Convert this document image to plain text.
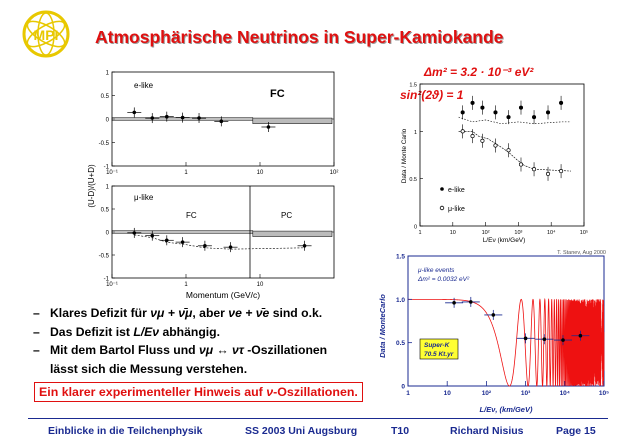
MPI Atmosphärische Neutrinos in Super-Kamiokande
e-like
FC
1
0.5
0
-0.5
-1
10⁻¹	1	10	10²
μ-like
FC	PC
1
0.5
0
-0.5
-1
10⁻¹	1	10
(U-D)/(U+D)
Momentum (GeV/c)
Δm² = 3.2 · 10⁻³ eV²
sin²(2ϑ) = 1
1.5
1
0.5
0
1	10	10²	10³	10⁴	10⁵
e-like
μ-like
Data / Monte Carlo
L/Eν (km/GeV)
T. Stanev, Aug 2000
1.5
1.0
0.5
0
1	10	10²	10³	10⁴	10⁵
μ-like events
Δm² = 0.0032 eV²
Super-K
70.5 Kt.yr
Data / MonteCarlo
L/Eν, (km/GeV)
– Klares Defizit für νμ + ν̄μ, aber νe + ν̄e sind o.k.
– Das Defizit ist L/Eν abhängig.
– Mit dem Bartol Fluss und νμ ↔ ντ -Oszillationen
lässt sich die Messung verstehen.
Ein klarer experimenteller Hinweis auf ν-Oszillationen.
Einblicke in die Teilchenphysik	SS 2003 Uni Augsburg	T10	Richard Nisius	Page 15
